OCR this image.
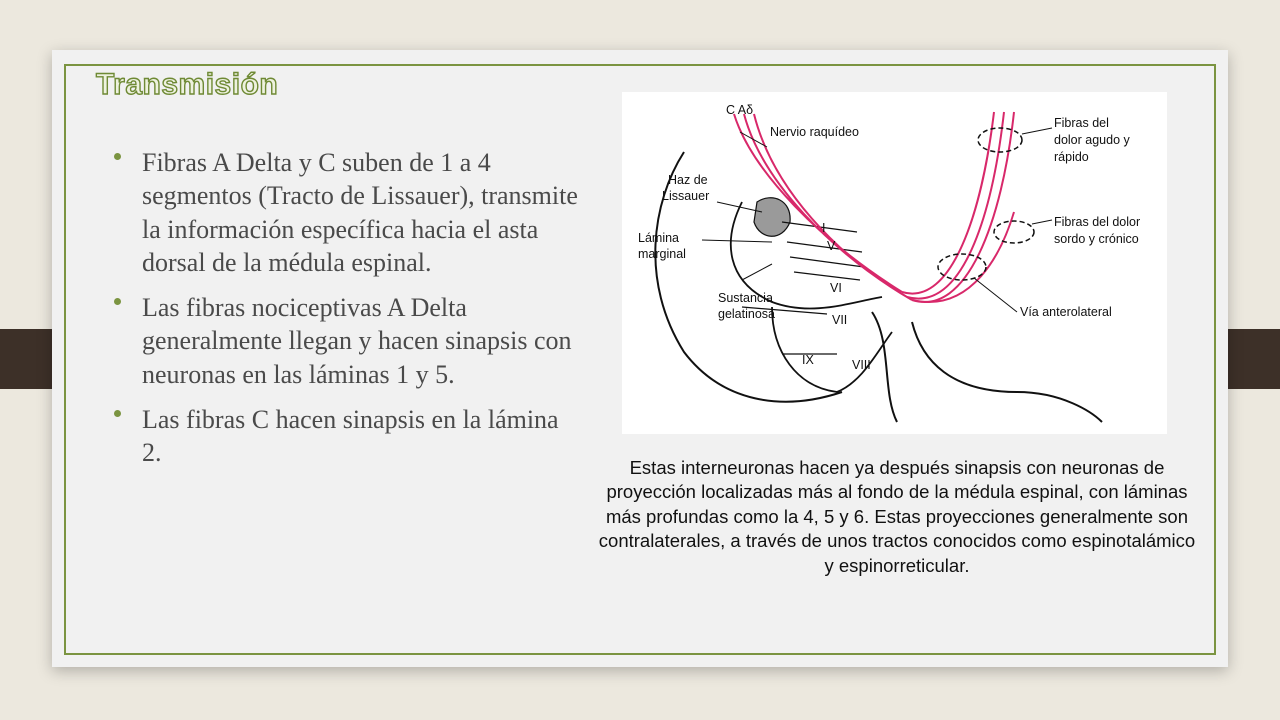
Transmisión
Fibras A Delta y C suben de 1 a 4 segmentos (Tracto de Lissauer), transmite la información específica hacia el asta dorsal de la médula espinal.
Las fibras nociceptivas A Delta generalmente llegan y hacen sinapsis con neuronas en las láminas 1 y 5.
Las fibras C hacen sinapsis en la lámina 2.
C Aδ
Nervio raquídeo
Haz de
Lissauer
Lámina
marginal
Sustancia
gelatinosa
Fibras del
dolor agudo y
rápido
Fibras del dolor
sordo y crónico
Vía anterolateral
I
V
VI
VII
VIII
IX

Estas interneuronas hacen ya después sinapsis con neuronas de proyección localizadas más al fondo de la médula espinal, con láminas más profundas como la 4, 5 y 6. Estas proyecciones generalmente son contralaterales, a través de unos tractos conocidos como espinotalámico y espinorreticular.
